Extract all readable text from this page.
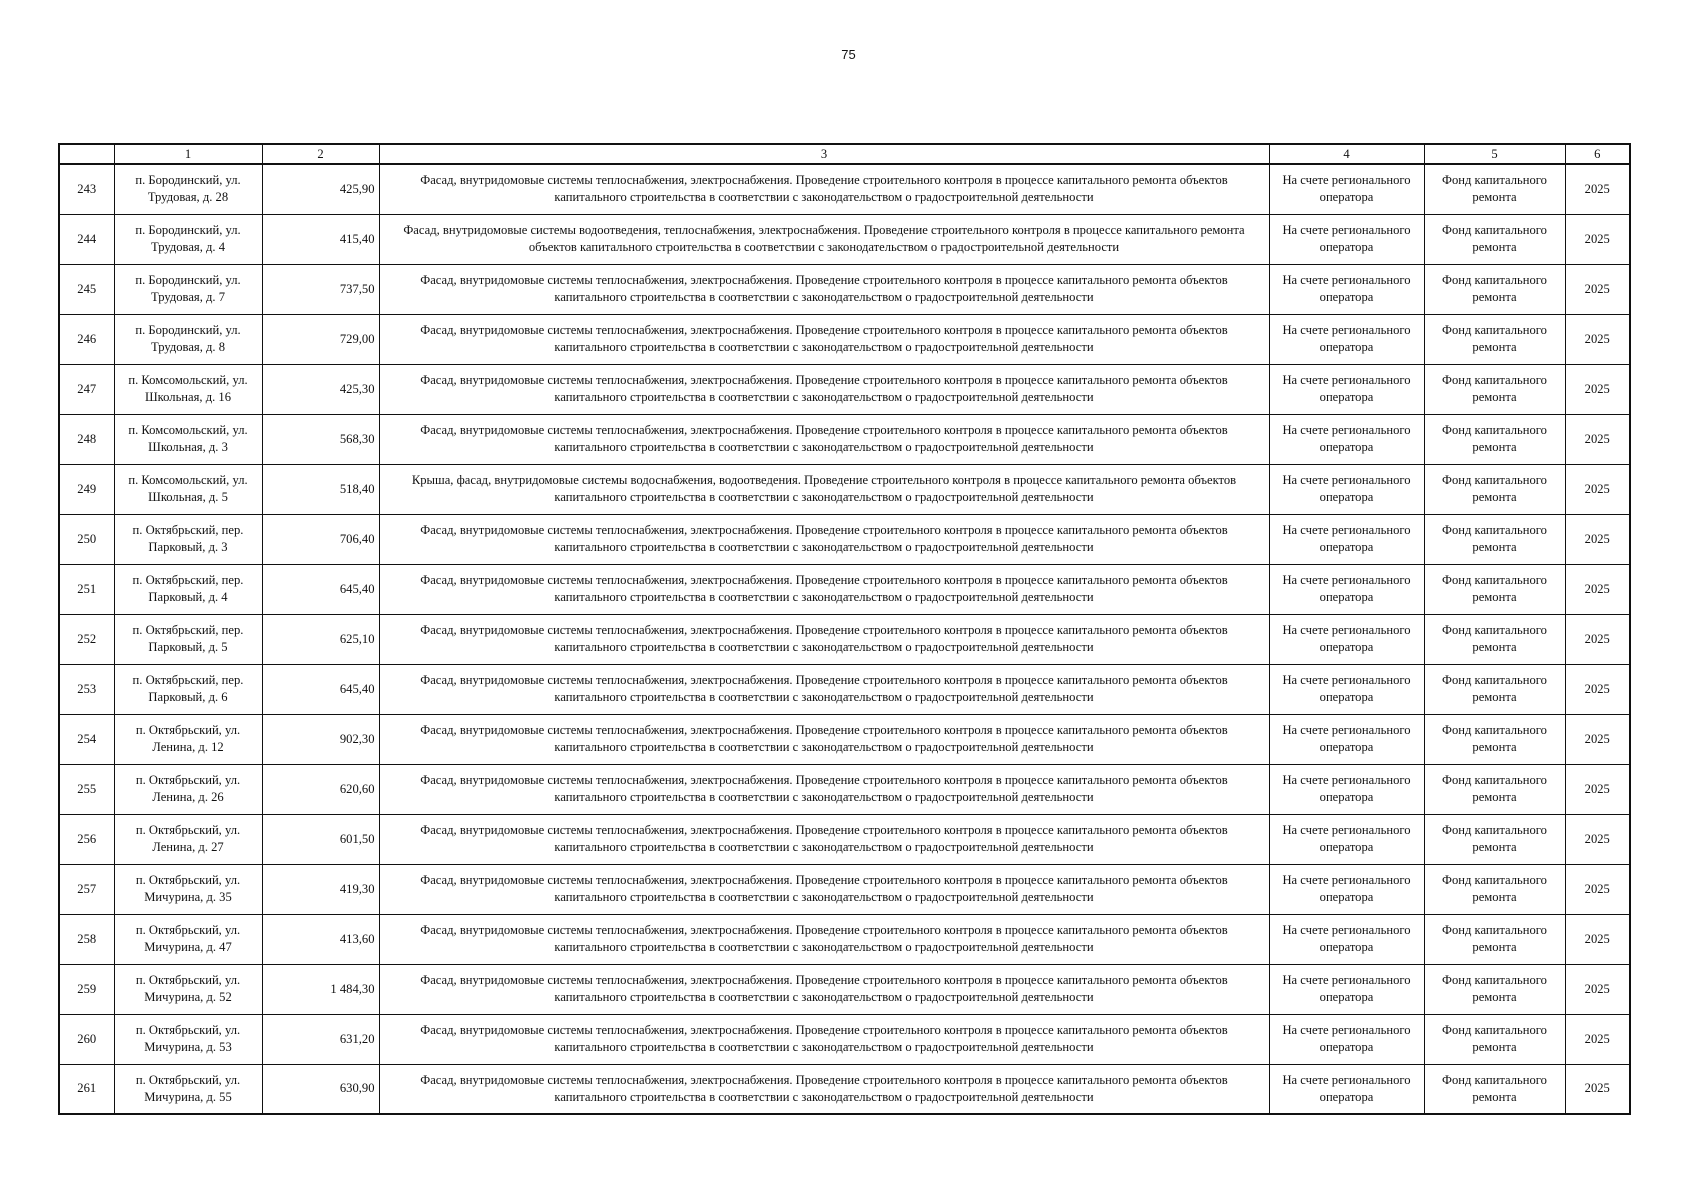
75
	1	2	3	4	5	6
243	п. Бородинский, ул. Трудовая, д. 28	425,90	Фасад, внутридомовые системы теплоснабжения, электроснабжения. Проведение строительного контроля в процессе капитального ремонта объектов капитального строительства в соответствии с законодательством о градостроительной деятельности	На счете регионального оператора	Фонд капитального ремонта	2025
244	п. Бородинский, ул. Трудовая, д. 4	415,40	Фасад, внутридомовые системы водоотведения, теплоснабжения, электроснабжения. Проведение строительного контроля в процессе капитального ремонта объектов капитального строительства в соответствии с законодательством о градостроительной деятельности	На счете регионального оператора	Фонд капитального ремонта	2025
245	п. Бородинский, ул. Трудовая, д. 7	737,50	Фасад, внутридомовые системы теплоснабжения, электроснабжения. Проведение строительного контроля в процессе капитального ремонта объектов капитального строительства в соответствии с законодательством о градостроительной деятельности	На счете регионального оператора	Фонд капитального ремонта	2025
246	п. Бородинский, ул. Трудовая, д. 8	729,00	Фасад, внутридомовые системы теплоснабжения, электроснабжения. Проведение строительного контроля в процессе капитального ремонта объектов капитального строительства в соответствии с законодательством о градостроительной деятельности	На счете регионального оператора	Фонд капитального ремонта	2025
247	п. Комсомольский, ул. Школьная, д. 16	425,30	Фасад, внутридомовые системы теплоснабжения, электроснабжения. Проведение строительного контроля в процессе капитального ремонта объектов капитального строительства в соответствии с законодательством о градостроительной деятельности	На счете регионального оператора	Фонд капитального ремонта	2025
248	п. Комсомольский, ул. Школьная, д. 3	568,30	Фасад, внутридомовые системы теплоснабжения, электроснабжения. Проведение строительного контроля в процессе капитального ремонта объектов капитального строительства в соответствии с законодательством о градостроительной деятельности	На счете регионального оператора	Фонд капитального ремонта	2025
249	п. Комсомольский, ул. Школьная, д. 5	518,40	Крыша, фасад, внутридомовые системы водоснабжения, водоотведения. Проведение строительного контроля в процессе капитального ремонта объектов капитального строительства в соответствии с законодательством о градостроительной деятельности	На счете регионального оператора	Фонд капитального ремонта	2025
250	п. Октябрьский, пер. Парковый, д. 3	706,40	Фасад, внутридомовые системы теплоснабжения, электроснабжения. Проведение строительного контроля в процессе капитального ремонта объектов капитального строительства в соответствии с законодательством о градостроительной деятельности	На счете регионального оператора	Фонд капитального ремонта	2025
251	п. Октябрьский, пер. Парковый, д. 4	645,40	Фасад, внутридомовые системы теплоснабжения, электроснабжения. Проведение строительного контроля в процессе капитального ремонта объектов капитального строительства в соответствии с законодательством о градостроительной деятельности	На счете регионального оператора	Фонд капитального ремонта	2025
252	п. Октябрьский, пер. Парковый, д. 5	625,10	Фасад, внутридомовые системы теплоснабжения, электроснабжения. Проведение строительного контроля в процессе капитального ремонта объектов капитального строительства в соответствии с законодательством о градостроительной деятельности	На счете регионального оператора	Фонд капитального ремонта	2025
253	п. Октябрьский, пер. Парковый, д. 6	645,40	Фасад, внутридомовые системы теплоснабжения, электроснабжения. Проведение строительного контроля в процессе капитального ремонта объектов капитального строительства в соответствии с законодательством о градостроительной деятельности	На счете регионального оператора	Фонд капитального ремонта	2025
254	п. Октябрьский, ул. Ленина, д. 12	902,30	Фасад, внутридомовые системы теплоснабжения, электроснабжения. Проведение строительного контроля в процессе капитального ремонта объектов капитального строительства в соответствии с законодательством о градостроительной деятельности	На счете регионального оператора	Фонд капитального ремонта	2025
255	п. Октябрьский, ул. Ленина, д. 26	620,60	Фасад, внутридомовые системы теплоснабжения, электроснабжения. Проведение строительного контроля в процессе капитального ремонта объектов капитального строительства в соответствии с законодательством о градостроительной деятельности	На счете регионального оператора	Фонд капитального ремонта	2025
256	п. Октябрьский, ул. Ленина, д. 27	601,50	Фасад, внутридомовые системы теплоснабжения, электроснабжения. Проведение строительного контроля в процессе капитального ремонта объектов капитального строительства в соответствии с законодательством о градостроительной деятельности	На счете регионального оператора	Фонд капитального ремонта	2025
257	п. Октябрьский, ул. Мичурина, д. 35	419,30	Фасад, внутридомовые системы теплоснабжения, электроснабжения. Проведение строительного контроля в процессе капитального ремонта объектов капитального строительства в соответствии с законодательством о градостроительной деятельности	На счете регионального оператора	Фонд капитального ремонта	2025
258	п. Октябрьский, ул. Мичурина, д. 47	413,60	Фасад, внутридомовые системы теплоснабжения, электроснабжения. Проведение строительного контроля в процессе капитального ремонта объектов капитального строительства в соответствии с законодательством о градостроительной деятельности	На счете регионального оператора	Фонд капитального ремонта	2025
259	п. Октябрьский, ул. Мичурина, д. 52	1 484,30	Фасад, внутридомовые системы теплоснабжения, электроснабжения. Проведение строительного контроля в процессе капитального ремонта объектов капитального строительства в соответствии с законодательством о градостроительной деятельности	На счете регионального оператора	Фонд капитального ремонта	2025
260	п. Октябрьский, ул. Мичурина, д. 53	631,20	Фасад, внутридомовые системы теплоснабжения, электроснабжения. Проведение строительного контроля в процессе капитального ремонта объектов капитального строительства в соответствии с законодательством о градостроительной деятельности	На счете регионального оператора	Фонд капитального ремонта	2025
261	п. Октябрьский, ул. Мичурина, д. 55	630,90	Фасад, внутридомовые системы теплоснабжения, электроснабжения. Проведение строительного контроля в процессе капитального ремонта объектов капитального строительства в соответствии с законодательством о градостроительной деятельности	На счете регионального оператора	Фонд капитального ремонта	2025
